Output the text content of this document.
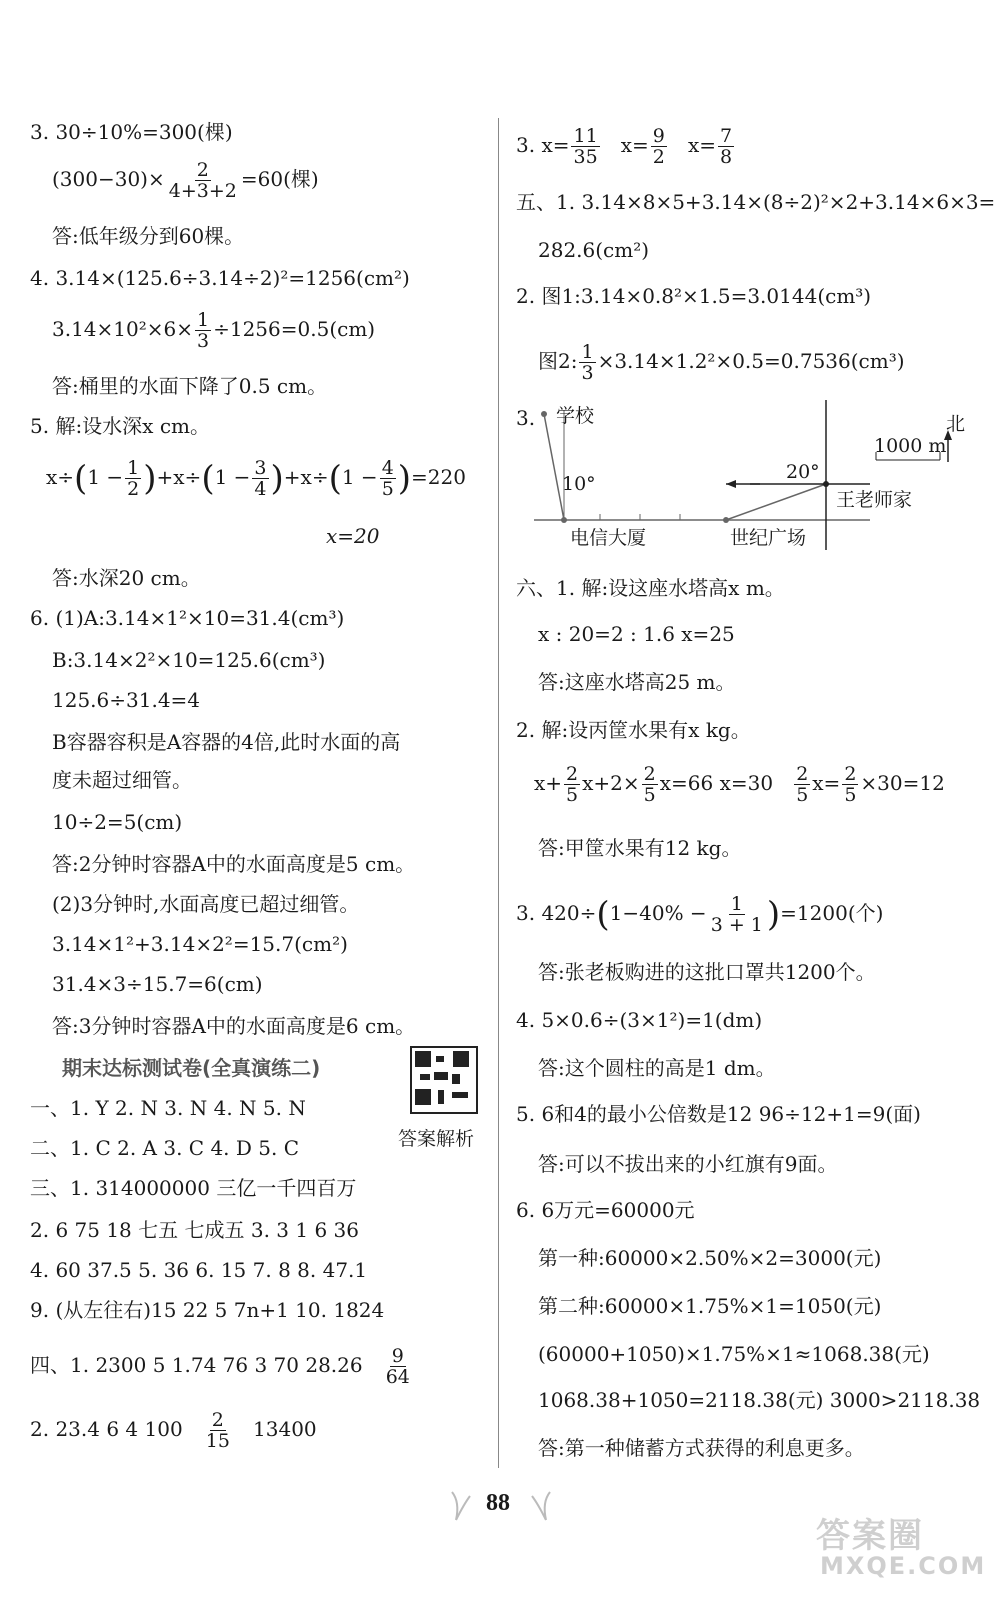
3. 30÷10%=300(棵)
$(300-30)\times \frac{2}{4+3+2} =60$(棵)
答:低年级分到60棵。
4. 3.14×(125.6÷3.14÷2)²=1256(cm²)
$3.14\times 10^2\times 6\times \frac{1}{3} \div 1256=0.5(cm)$
答:桶里的水面下降了0.5 cm。
5. 解:设水深x cm。
$x\div(1 - \frac{1}{2} )+x\div(1 - \frac{3}{4} )+x\div(1 - \frac{4}{5} )=220$
x=20
答:水深20 cm。
6. (1)A:3.14×1²×10=31.4(cm³)
B:3.14×2²×10=125.6(cm³)
125.6÷31.4=4
B容器容积是A容器的4倍,此时水面的高
度未超过细管。
10÷2=5(cm)
答:2分钟时容器A中的水面高度是5 cm。
(2)3分钟时,水面高度已超过细管。
3.14×1²+3.14×2²=15.7(cm²)
31.4×3÷15.7=6(cm)
答:3分钟时容器A中的水面高度是6 cm。
期末达标测试卷(全真演练二)
答案解析
一、1. Y 2. N 3. N 4. N 5. N
二、1. C 2. A 3. C 4. D 5. C
三、1. 314000000 三亿一千四百万
2. 6 75 18 七五 七成五 3. 3 1 6 36
4. 60 37.5 5. 36 6. 15 7. 8 8. 47.1
9. (从左往右)15 22 5 7n+1 10. 1824
四、1. 2300 5 1.74 76 3 70 $28.26 \frac{9}{64}$
2. 23.4 6 4 $100 \frac{2}{15} 13400$
3. $x= \frac{11}{35} x= \frac{9}{2} x= \frac{7}{8}$
五、1. 3.14×8×5+3.14×(8÷2)²×2+3.14×6×3=
282.6(cm²)
2. 图1:3.14×0.8²×1.5=3.0144(cm³)
图2: $\frac{1}{3} \times 3.14\times 1.2^2\times 0.5=0.7536(cm^3)$
3. 学校	北
1000 m
20°
10°
王老师家
电信大厦	世纪广场
六、1. 解:设这座水塔高x m。
x : 20=2 : 1.6 x=25
答:这座水塔高25 m。
2. 解:设丙筐水果有x kg。
$x+ \frac{2}{5} x+2\times \frac{2}{5} x=66$ $x=30 \frac{2}{5} x= \frac{2}{5} \times 30=12$
答:甲筐水果有12 kg。
3. $420\div(1-40\% - \frac{1}{3 + 1} )=1200$(个)
答:张老板购进的这批口罩共1200个。
4. 5×0.6÷(3×1²)=1(dm)
答:这个圆柱的高是1 dm。
5. 6和4的最小公倍数是12 96÷12+1=9(面)
答:可以不拔出来的小红旗有9面。
6. 6万元=60000元
第一种:60000×2.50%×2=3000(元)
第二种:60000×1.75%×1=1050(元)
(60000+1050)×1.75%×1≈1068.38(元)
1068.38+1050=2118.38(元) 3000>2118.38
答:第一种储蓄方式获得的利息更多。
88
答案圈
MXQE.COM
